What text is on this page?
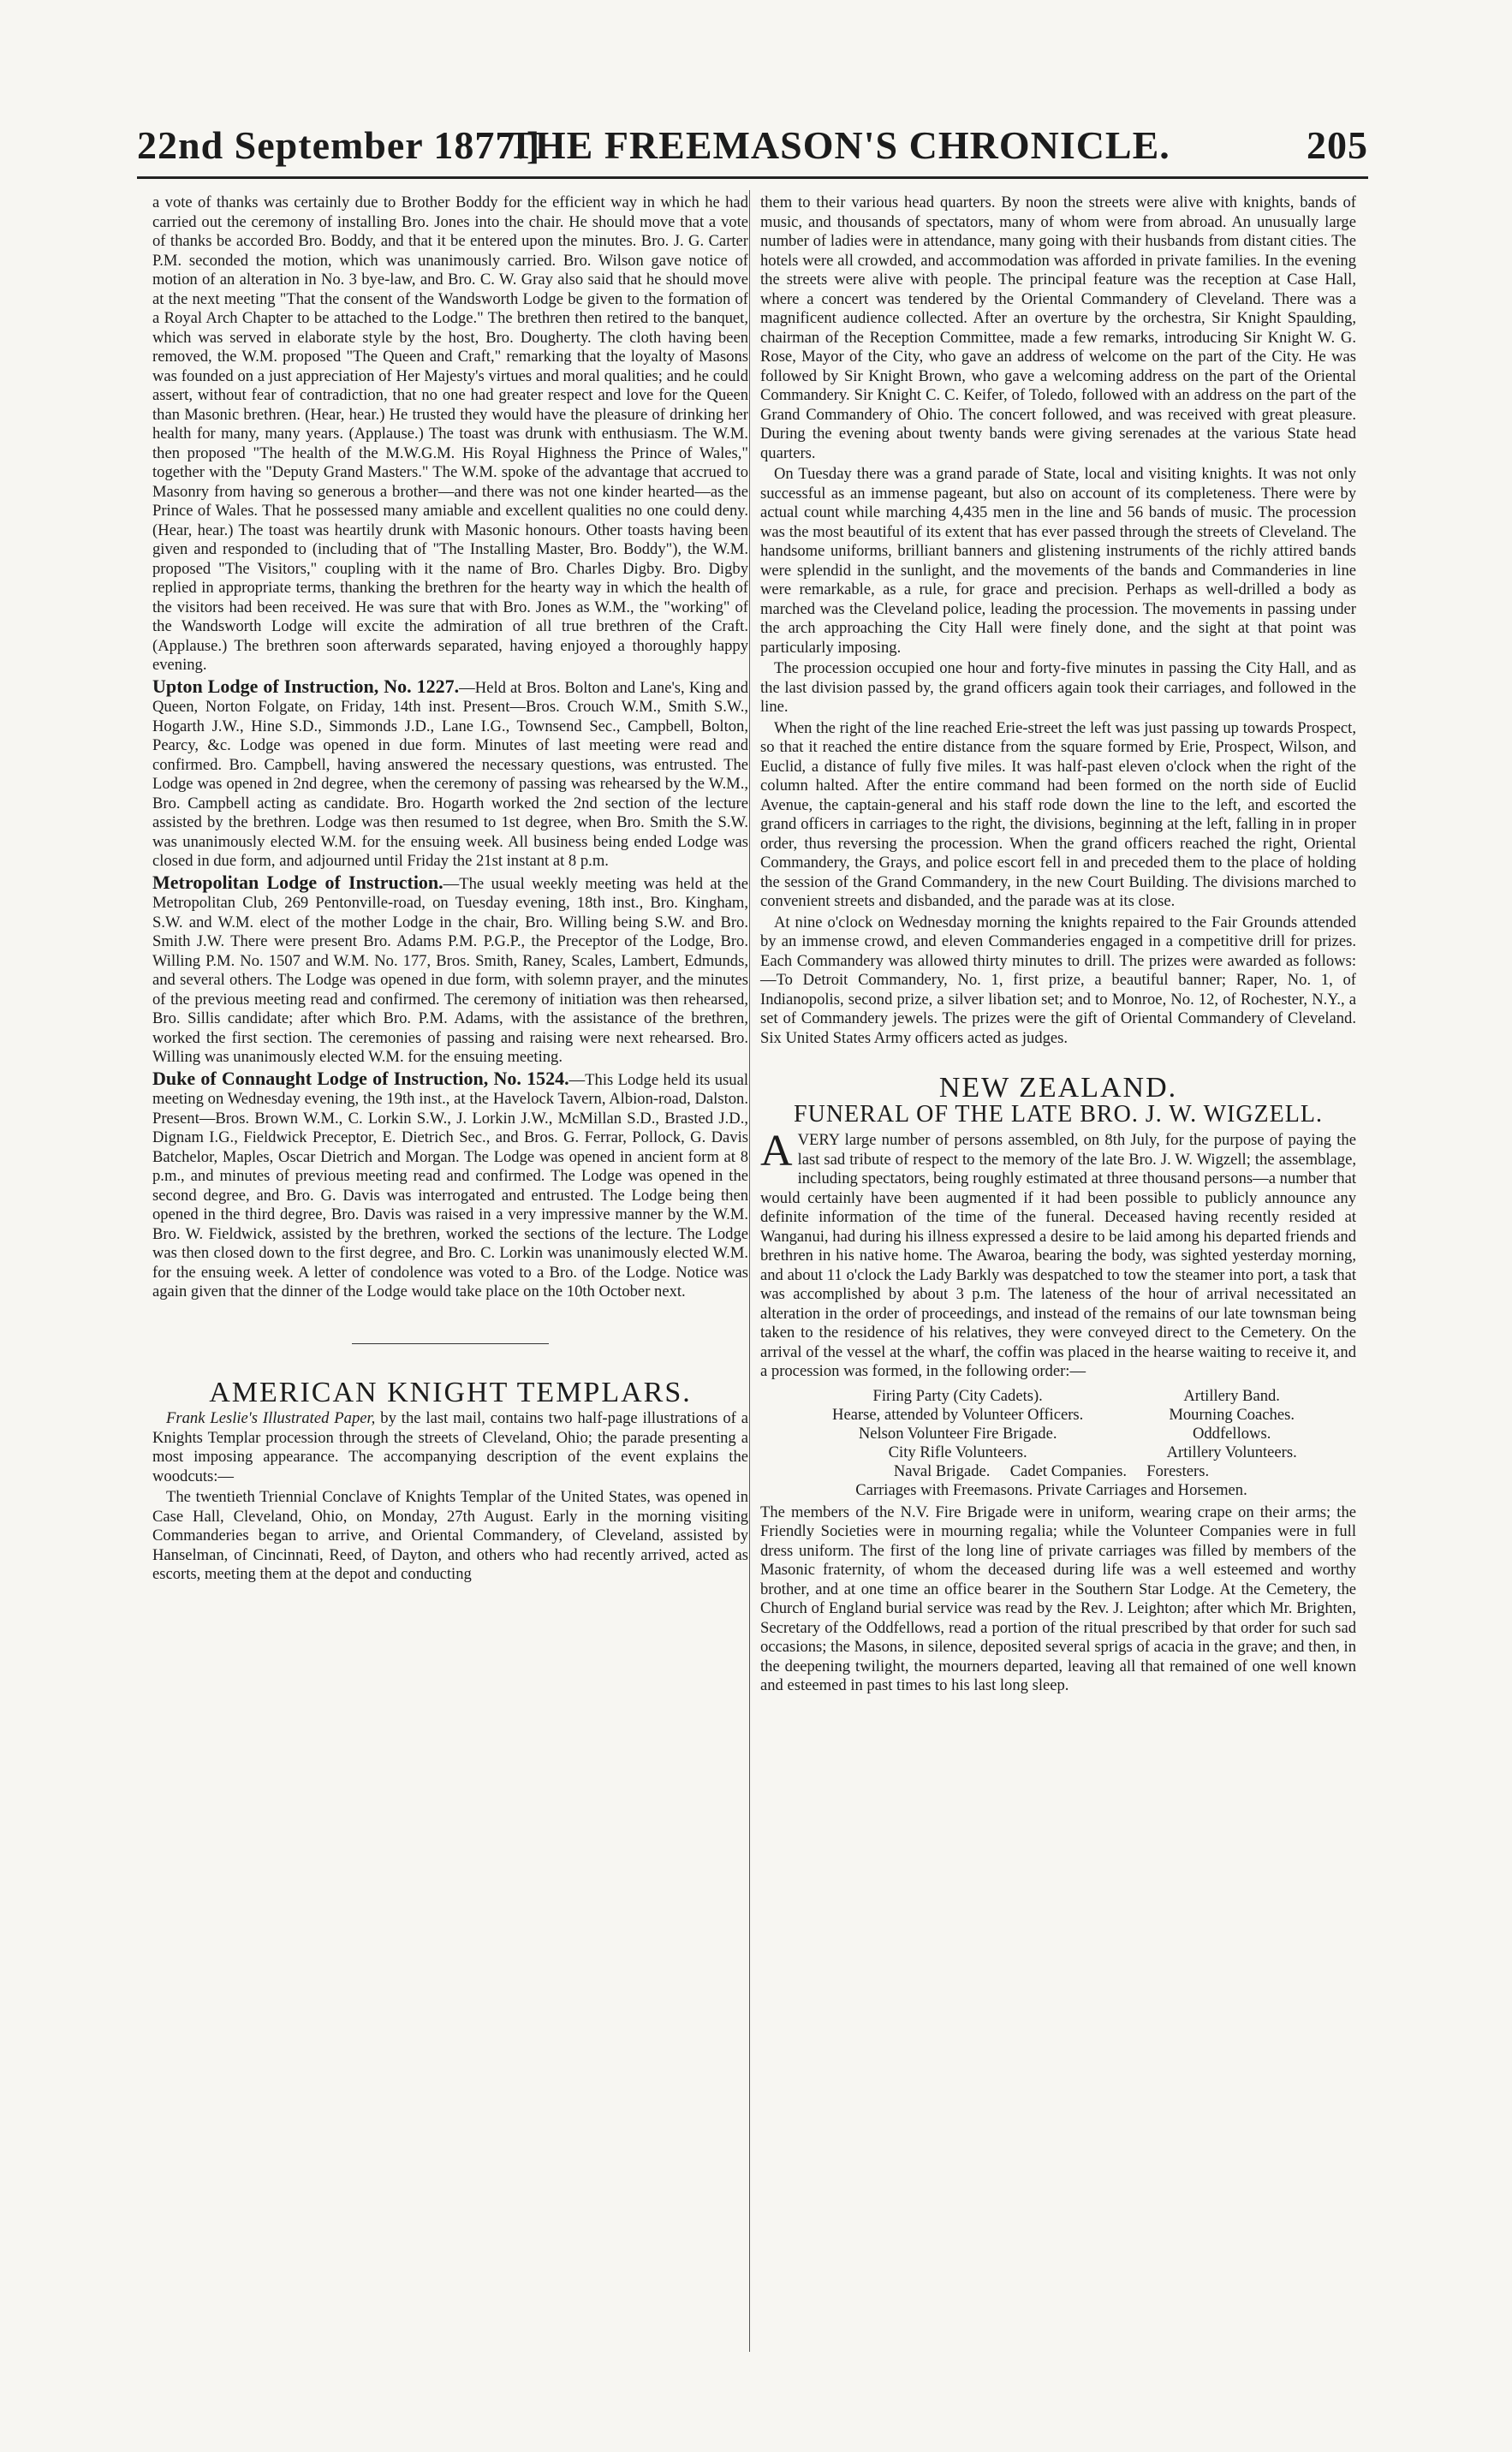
22nd September 1877.]
THE FREEMASON'S CHRONICLE.	205

a vote of thanks was certainly due to Brother Boddy for the efficient way in which he had carried out the ceremony of installing Bro. Jones into the chair. He should move that a vote of thanks be accorded Bro. Boddy, and that it be entered upon the minutes. Bro. J. G. Carter P.M. seconded the motion, which was unanimously carried. Bro. Wilson gave notice of motion of an alteration in No. 3 bye-law, and Bro. C. W. Gray also said that he should move at the next meeting "That the consent of the Wandsworth Lodge be given to the formation of a Royal Arch Chapter to be attached to the Lodge." The brethren then retired to the banquet, which was served in elaborate style by the host, Bro. Dougherty. The cloth having been removed, the W.M. proposed "The Queen and Craft," remarking that the loyalty of Masons was founded on a just appreciation of Her Majesty's virtues and moral qualities; and he could assert, without fear of contradiction, that no one had greater respect and love for the Queen than Masonic brethren. (Hear, hear.) He trusted they would have the pleasure of drinking her health for many, many years. (Applause.) The toast was drunk with enthusiasm. The W.M. then proposed "The health of the M.W.G.M. His Royal Highness the Prince of Wales," together with the "Deputy Grand Masters." The W.M. spoke of the advantage that accrued to Masonry from having so generous a brother—and there was not one kinder hearted—as the Prince of Wales. That he possessed many amiable and excellent qualities no one could deny. (Hear, hear.) The toast was heartily drunk with Masonic honours. Other toasts having been given and responded to (including that of "The Installing Master, Bro. Boddy"), the W.M. proposed "The Visitors," coupling with it the name of Bro. Charles Digby. Bro. Digby replied in appropriate terms, thanking the brethren for the hearty way in which the health of the visitors had been received. He was sure that with Bro. Jones as W.M., the "working" of the Wandsworth Lodge will excite the admiration of all true brethren of the Craft. (Applause.) The brethren soon afterwards separated, having enjoyed a thoroughly happy evening.

Upton Lodge of Instruction, No. 1227.—Held at Bros. Bolton and Lane's, King and Queen, Norton Folgate, on Friday, 14th inst. Present—Bros. Crouch W.M., Smith S.W., Hogarth J.W., Hine S.D., Simmonds J.D., Lane I.G., Townsend Sec., Campbell, Bolton, Pearcy, &c. Lodge was opened in due form. Minutes of last meeting were read and confirmed. Bro. Campbell, having answered the necessary questions, was entrusted. The Lodge was opened in 2nd degree, when the ceremony of passing was rehearsed by the W.M., Bro. Campbell acting as candidate. Bro. Hogarth worked the 2nd section of the lecture assisted by the brethren. Lodge was then resumed to 1st degree, when Bro. Smith the S.W. was unanimously elected W.M. for the ensuing week. All business being ended Lodge was closed in due form, and adjourned until Friday the 21st instant at 8 p.m.

Metropolitan Lodge of Instruction.—The usual weekly meeting was held at the Metropolitan Club, 269 Pentonville-road, on Tuesday evening, 18th inst., Bro. Kingham, S.W. and W.M. elect of the mother Lodge in the chair, Bro. Willing being S.W. and Bro. Smith J.W. There were present Bro. Adams P.M. P.G.P., the Preceptor of the Lodge, Bro. Willing P.M. No. 1507 and W.M. No. 177, Bros. Smith, Raney, Scales, Lambert, Edmunds, and several others. The Lodge was opened in due form, with solemn prayer, and the minutes of the previous meeting read and confirmed. The ceremony of initiation was then rehearsed, Bro. Sillis candidate; after which Bro. P.M. Adams, with the assistance of the brethren, worked the first section. The ceremonies of passing and raising were next rehearsed. Bro. Willing was unanimously elected W.M. for the ensuing meeting.

Duke of Connaught Lodge of Instruction, No. 1524.—This Lodge held its usual meeting on Wednesday evening, the 19th inst., at the Havelock Tavern, Albion-road, Dalston. Present—Bros. Brown W.M., C. Lorkin S.W., J. Lorkin J.W., McMillan S.D., Brasted J.D., Dignam I.G., Fieldwick Preceptor, E. Dietrich Sec., and Bros. G. Ferrar, Pollock, G. Davis Batchelor, Maples, Oscar Dietrich and Morgan. The Lodge was opened in ancient form at 8 p.m., and minutes of previous meeting read and confirmed. The Lodge was opened in the second degree, and Bro. G. Davis was interrogated and entrusted. The Lodge being then opened in the third degree, Bro. Davis was raised in a very impressive manner by the W.M. Bro. W. Fieldwick, assisted by the brethren, worked the sections of the lecture. The Lodge was then closed down to the first degree, and Bro. C. Lorkin was unanimously elected W.M. for the ensuing week. A letter of condolence was voted to a Bro. of the Lodge. Notice was again given that the dinner of the Lodge would take place on the 10th October next.

AMERICAN KNIGHT TEMPLARS.

Frank Leslie's Illustrated Paper, by the last mail, contains two half-page illustrations of a Knights Templar procession through the streets of Cleveland, Ohio; the parade presenting a most imposing appearance. The accompanying description of the event explains the woodcuts:—

The twentieth Triennial Conclave of Knights Templar of the United States, was opened in Case Hall, Cleveland, Ohio, on Monday, 27th August. Early in the morning visiting Commanderies began to arrive, and Oriental Commandery, of Cleveland, assisted by Hanselman, of Cincinnati, Reed, of Dayton, and others who had recently arrived, acted as escorts, meeting them at the depot and conducting

them to their various head quarters. By noon the streets were alive with knights, bands of music, and thousands of spectators, many of whom were from abroad. An unusually large number of ladies were in attendance, many going with their husbands from distant cities. The hotels were all crowded, and accommodation was afforded in private families. In the evening the streets were alive with people. The principal feature was the reception at Case Hall, where a concert was tendered by the Oriental Commandery of Cleveland. There was a magnificent audience collected. After an overture by the orchestra, Sir Knight Spaulding, chairman of the Reception Committee, made a few remarks, introducing Sir Knight W. G. Rose, Mayor of the City, who gave an address of welcome on the part of the City. He was followed by Sir Knight Brown, who gave a welcoming address on the part of the Oriental Commandery. Sir Knight C. C. Keifer, of Toledo, followed with an address on the part of the Grand Commandery of Ohio. The concert followed, and was received with great pleasure. During the evening about twenty bands were giving serenades at the various State head quarters.

On Tuesday there was a grand parade of State, local and visiting knights. It was not only successful as an immense pageant, but also on account of its completeness. There were by actual count while marching 4,435 men in the line and 56 bands of music. The procession was the most beautiful of its extent that has ever passed through the streets of Cleveland. The handsome uniforms, brilliant banners and glistening instruments of the richly attired bands were splendid in the sunlight, and the movements of the bands and Commanderies in line were remarkable, as a rule, for grace and precision. Perhaps as well-drilled a body as marched was the Cleveland police, leading the procession. The movements in passing under the arch approaching the City Hall were finely done, and the sight at that point was particularly imposing.

The procession occupied one hour and forty-five minutes in passing the City Hall, and as the last division passed by, the grand officers again took their carriages, and followed in the line.

When the right of the line reached Erie-street the left was just passing up towards Prospect, so that it reached the entire distance from the square formed by Erie, Prospect, Wilson, and Euclid, a distance of fully five miles. It was half-past eleven o'clock when the right of the column halted. After the entire command had been formed on the north side of Euclid Avenue, the captain-general and his staff rode down the line to the left, and escorted the grand officers in carriages to the right, the divisions, beginning at the left, falling in in proper order, thus reversing the procession. When the grand officers reached the right, Oriental Commandery, the Grays, and police escort fell in and preceded them to the place of holding the session of the Grand Commandery, in the new Court Building. The divisions marched to convenient streets and disbanded, and the parade was at its close.

At nine o'clock on Wednesday morning the knights repaired to the Fair Grounds attended by an immense crowd, and eleven Commanderies engaged in a competitive drill for prizes. Each Commandery was allowed thirty minutes to drill. The prizes were awarded as follows:—To Detroit Commandery, No. 1, first prize, a beautiful banner; Raper, No. 1, of Indianopolis, second prize, a silver libation set; and to Monroe, No. 12, of Rochester, N.Y., a set of Commandery jewels. The prizes were the gift of Oriental Commandery of Cleveland. Six United States Army officers acted as judges.

NEW ZEALAND.
FUNERAL OF THE LATE BRO. J. W. WIGZELL.

A VERY large number of persons assembled, on 8th July, for the purpose of paying the last sad tribute of respect to the memory of the late Bro. J. W. Wigzell; the assemblage, including spectators, being roughly estimated at three thousand persons—a number that would certainly have been augmented if it had been possible to publicly announce any definite information of the time of the funeral. Deceased having recently resided at Wanganui, had during his illness expressed a desire to be laid among his departed friends and brethren in his native home. The Awaroa, bearing the body, was sighted yesterday morning, and about 11 o'clock the Lady Barkly was despatched to tow the steamer into port, a task that was accomplished by about 3 p.m. The lateness of the hour of arrival necessitated an alteration in the order of proceedings, and instead of the remains of our late townsman being taken to the residence of his relatives, they were conveyed direct to the Cemetery. On the arrival of the vessel at the wharf, the coffin was placed in the hearse waiting to receive it, and a procession was formed, in the following order:—

Firing Party (City Cadets).	Artillery Band.
Hearse, attended by Volunteer Officers.	Mourning Coaches.
Nelson Volunteer Fire Brigade.	Oddfellows.
City Rifle Volunteers.	Artillery Volunteers.
Naval Brigade. Cadet Companies. Foresters.	
Carriages with Freemasons. Private Carriages and Horsemen.	

The members of the N.V. Fire Brigade were in uniform, wearing crape on their arms; the Friendly Societies were in mourning regalia; while the Volunteer Companies were in full dress uniform. The first of the long line of private carriages was filled by members of the Masonic fraternity, of whom the deceased during life was a well esteemed and worthy brother, and at one time an office bearer in the Southern Star Lodge. At the Cemetery, the Church of England burial service was read by the Rev. J. Leighton; after which Mr. Brighten, Secretary of the Oddfellows, read a portion of the ritual prescribed by that order for such sad occasions; the Masons, in silence, deposited several sprigs of acacia in the grave; and then, in the deepening twilight, the mourners departed, leaving all that remained of one well known and esteemed in past times to his last long sleep.
